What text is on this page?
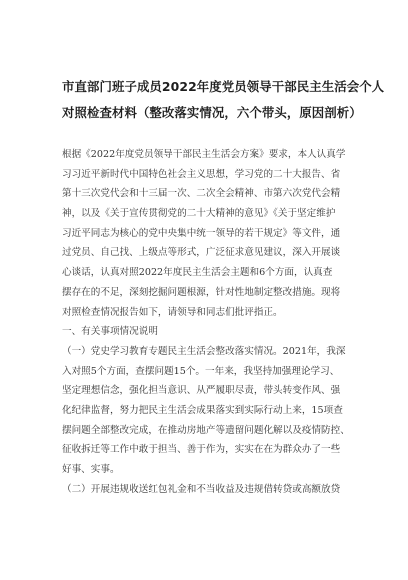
市直部门班子成员2022年度党员领导干部民主生活会个人
对照检查材料（整改落实情况，六个带头，原因剖析）
根据《2022年度党员领导干部民主生活会方案》要求，本人认真学
习习近平新时代中国特色社会主义思想，学习党的二十大报告、省
第十三次党代会和十三届一次、二次全会精神、市第六次党代会精
神，以及《关于宣传贯彻党的二十大精神的意见》《关于坚定维护
习近平同志为核心的党中央集中统一领导的若干规定》等文件，通
过党员、自己找、上级点等形式，广泛征求意见建议，深入开展谈
心谈话，认真对照2022年度民主生活会主题和6个方面，认真查
摆存在的不足，深刻挖掘问题根源，针对性地制定整改措施。现将
对照检查情况报告如下，请领导和同志们批评指正。
一、有关事项情况说明
（一）党史学习教育专题民主生活会整改落实情况。2021年，我深
入对照5个方面，查摆问题15个。一年来，我坚持加强理论学习、
坚定理想信念，强化担当意识、从严履职尽责，带头转变作风、强
化纪律监督，努力把民主生活会成果落实到实际行动上来，15项查
摆问题全部整改完成，在推动房地产等遗留问题化解以及疫情防控、
征收拆迁等工作中敢于担当、善于作为，实实在在为群众办了一些
好事、实事。
（二）开展违规收送红包礼金和不当收益及违规借转贷或高额放贷
